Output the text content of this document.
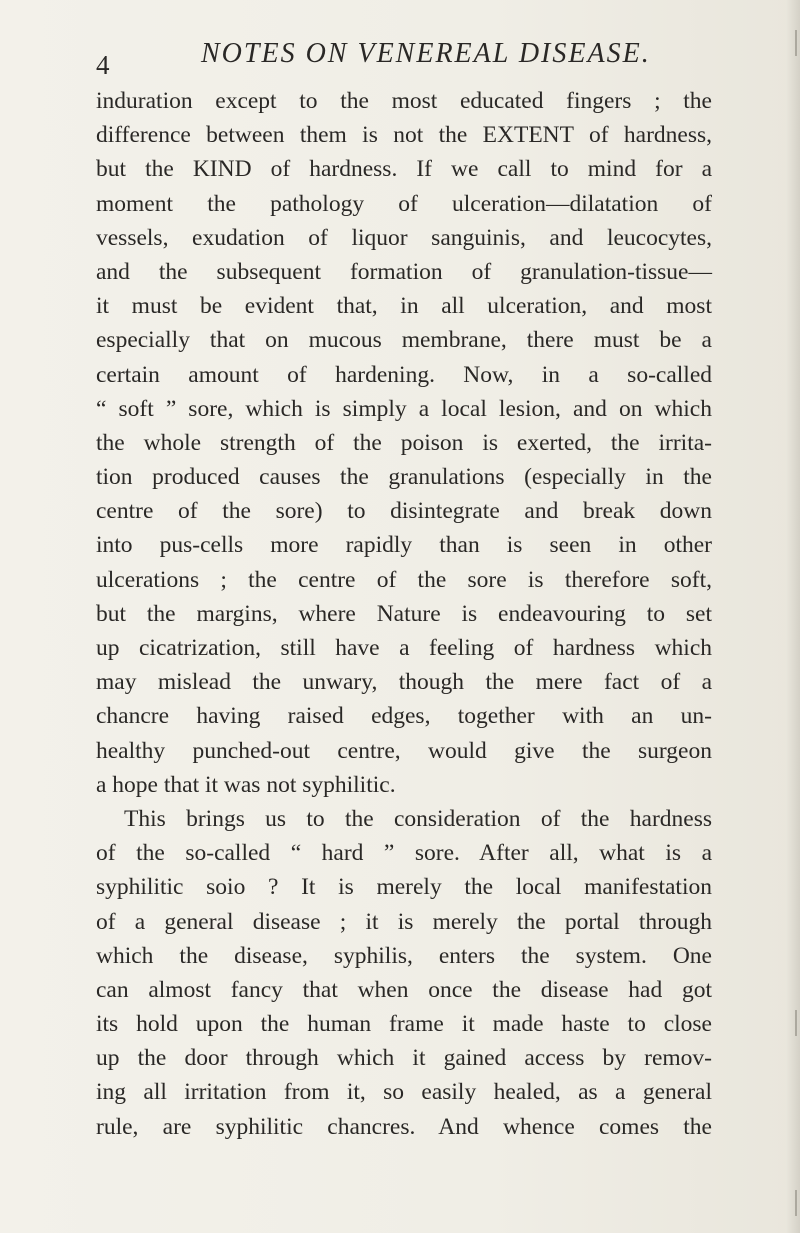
4	NOTES ON VENEREAL DISEASE.
induration except to the most educated fingers ; the
difference between them is not the EXTENT of hardness,
but the KIND of hardness. If we call to mind for a
moment the pathology of ulceration—dilatation of
vessels, exudation of liquor sanguinis, and leucocytes,
and the subsequent formation of granulation-tissue—
it must be evident that, in all ulceration, and most
especially that on mucous membrane, there must be a
certain amount of hardening. Now, in a so-called
“ soft ” sore, which is simply a local lesion, and on which
the whole strength of the poison is exerted, the irrita-
tion produced causes the granulations (especially in the
centre of the sore) to disintegrate and break down
into pus-cells more rapidly than is seen in other
ulcerations ; the centre of the sore is therefore soft,
but the margins, where Nature is endeavouring to set
up cicatrization, still have a feeling of hardness which
may mislead the unwary, though the mere fact of a
chancre having raised edges, together with an un-
healthy punched-out centre, would give the surgeon
a hope that it was not syphilitic.
This brings us to the consideration of the hardness
of the so-called “ hard ” sore. After all, what is a
syphilitic soio ? It is merely the local manifestation
of a general disease ; it is merely the portal through
which the disease, syphilis, enters the system. One
can almost fancy that when once the disease had got
its hold upon the human frame it made haste to close
up the door through which it gained access by remov-
ing all irritation from it, so easily healed, as a general
rule, are syphilitic chancres. And whence comes the
